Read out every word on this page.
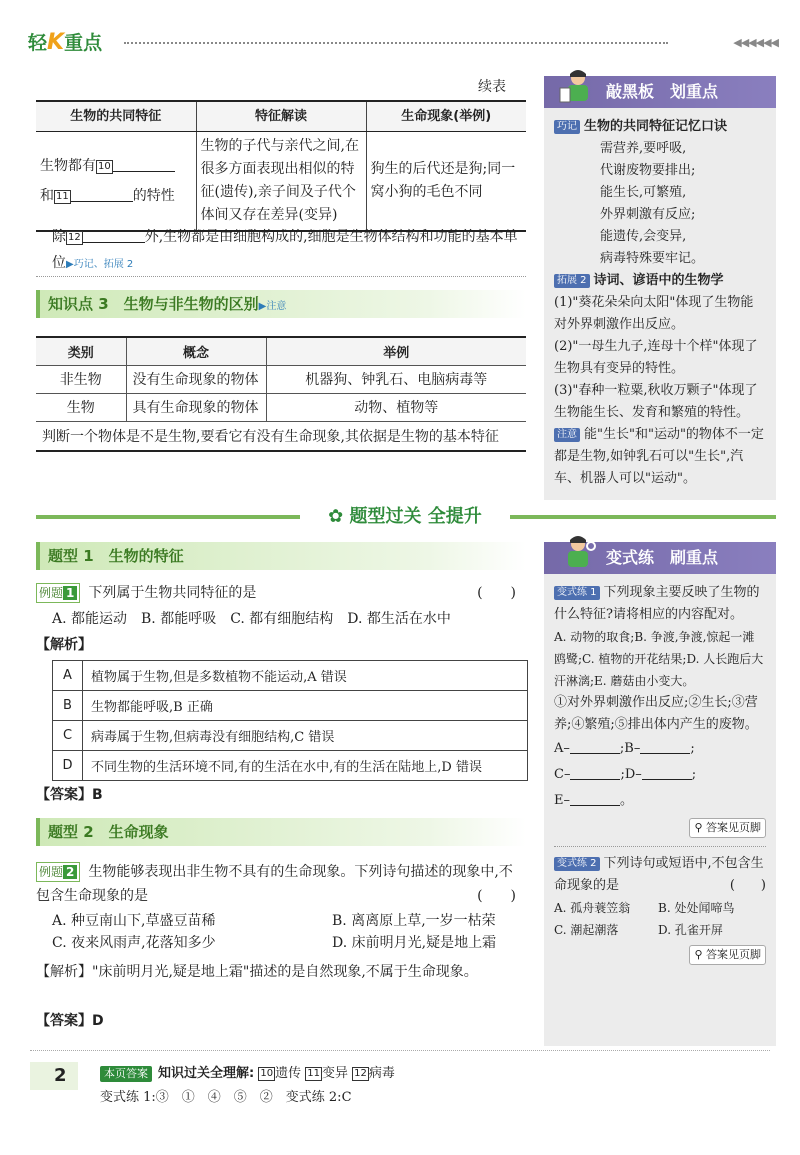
轻K重点	◀◀◀◀◀◀
续表
生物的共同特征	特征解读	生命现象(举例)
生物都有 10
和 11 的特性	生物的子代与亲代之间,在很多方面表现出相似的特征(遗传),亲子间及子代个体间又存在差异(变异)	狗生的后代还是狗;同一窝小狗的毛色不同
除 12	外,生物都是由细胞构成的,细胞是生物体结构和功能的基本单位▶巧记、拓展 2
知识点 3　生物与非生物的区别▶注意
类别	概念	举例
非生物	没有生命现象的物体	机器狗、钟乳石、电脑病毒等
生物	具有生命现象的物体	动物、植物等
判断一个物体是不是生物,要看它有没有生命现象,其依据是生物的基本特征		
敲黑板　划重点
巧记 生物的共同特征记忆口诀
需营养,要呼吸,
代谢废物要排出;
能生长,可繁殖,
外界刺激有反应;
能遗传,会变异,
病毒特殊要牢记。
拓展 2 诗词、谚语中的生物学
(1)"葵花朵朵向太阳"体现了生物能对外界刺激作出反应。
(2)"一母生九子,连母十个样"体现了生物具有变异的特性。
(3)"春种一粒粟,秋收万颗子"体现了生物能生长、发育和繁殖的特性。
注意 能"生长"和"运动"的物体不一定都是生物,如钟乳石可以"生长",汽车、机器人可以"运动"。
✿ 题型过关 全提升
题型 1　生物的特征
例题 1 下列属于生物共同特征的是	(　　)
A. 都能运动　B. 都能呼吸　C. 都有细胞结构　D. 都生活在水中
【解析】
A	植物属于生物,但是多数植物不能运动,A 错误
B	生物都能呼吸,B 正确
C	病毒属于生物,但病毒没有细胞结构,C 错误
D	不同生物的生活环境不同,有的生活在水中,有的生活在陆地上,D 错误
【答案】B
题型 2　生命现象
例题 2 生物能够表现出非生物不具有的生命现象。下列诗句描述的现象中,不包含生命现象的是	(　　)
A. 种豆南山下,草盛豆苗稀	B. 离离原上草,一岁一枯荣
C. 夜来风雨声,花落知多少	D. 床前明月光,疑是地上霜
【解析】"床前明月光,疑是地上霜"描述的是自然现象,不属于生命现象。
【答案】D
变式练　刷重点
变式练 1 下列现象主要反映了生物的什么特征?请将相应的内容配对。
A. 动物的取食;B. 争渡,争渡,惊起一滩鸥鹭;C. 植物的开花结果;D. 人长跑后大汗淋漓;E. 蘑菇由小变大。
①对外界刺激作出反应;②生长;③营养;④繁殖;⑤排出体内产生的废物。
A–	;B–	;
C–	;D–	;
E–	。
⚲ 答案见页脚
变式练 2 下列诗句或短语中,不包含生命现象的是	(　　)
A. 孤舟蓑笠翁 B. 处处闻啼鸟
C. 潮起潮落	D. 孔雀开屏
⚲ 答案见页脚
2	本页答案 知识过关全理解: 10 遗传 11 变异 12 病毒
变式练 1:③　①　④　⑤　②　变式练 2:C
